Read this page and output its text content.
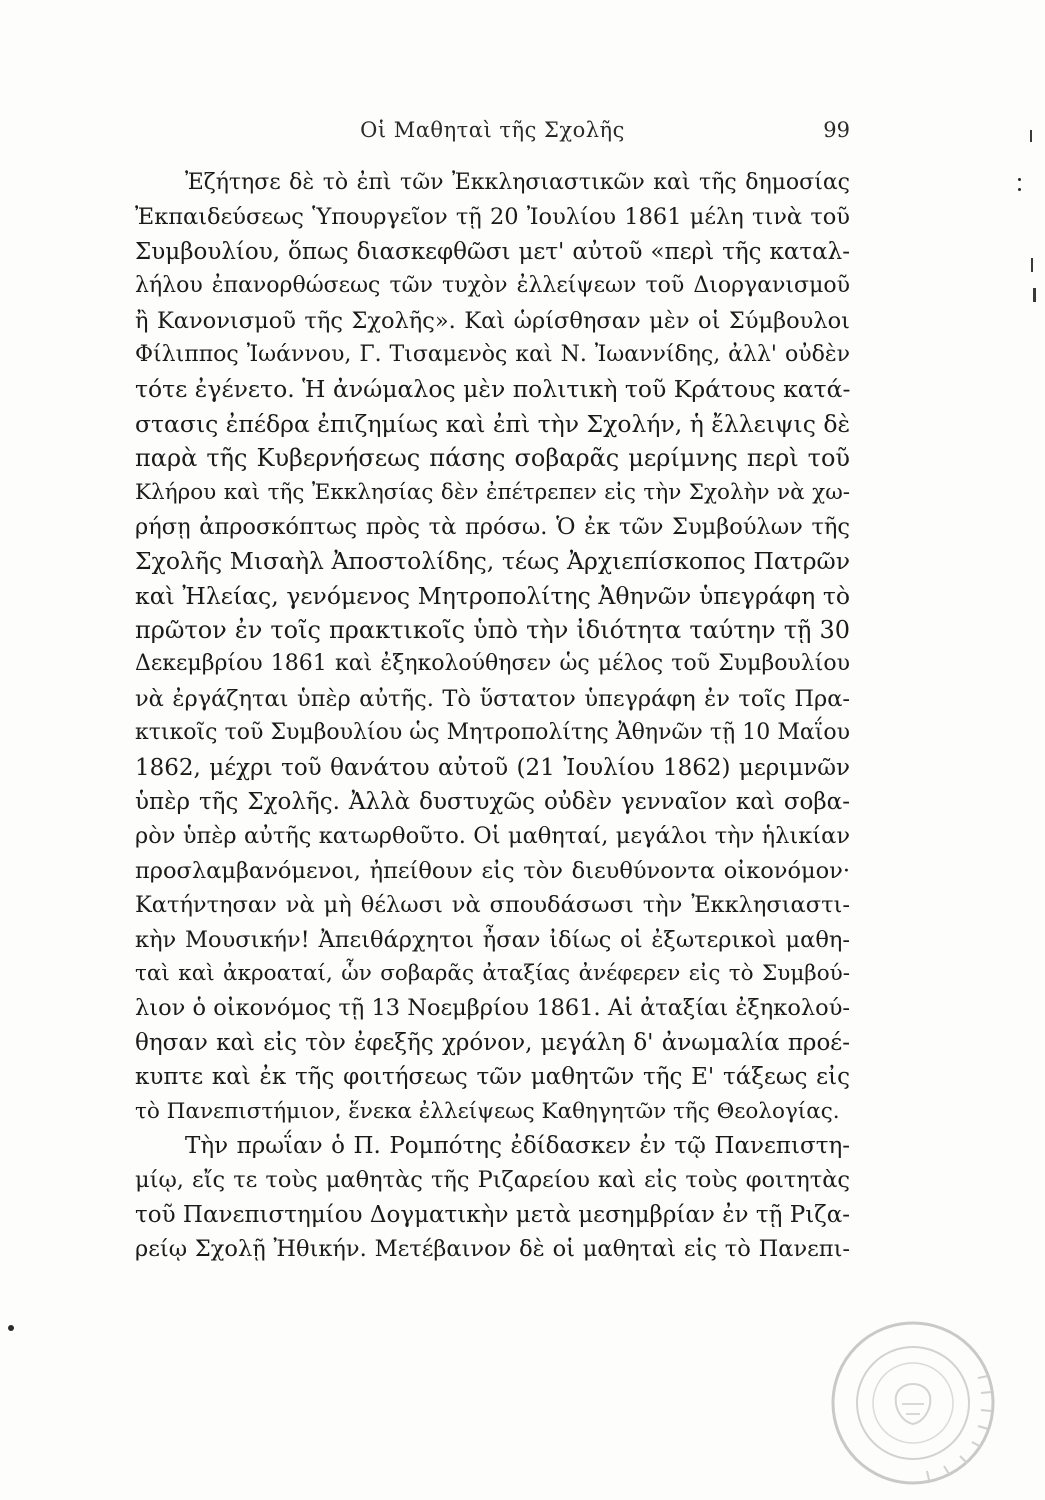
Οἱ Μαθηταὶ τῆς Σχολῆς	99
Ἐζήτησε δὲ τὸ ἐπὶ τῶν Ἐκκλησιαστικῶν καὶ τῆς δημοσίας
Ἐκπαιδεύσεως Ὑπουργεῖον τῇ 20 Ἰουλίου 1861 μέλη τινὰ τοῦ
Συμβουλίου, ὅπως διασκεφθῶσι μετ' αὐτοῦ «περὶ τῆς καταλ-
λήλου ἐπανορθώσεως τῶν τυχὸν ἐλλείψεων τοῦ Διοργανισμοῦ
ἢ Κανονισμοῦ τῆς Σχολῆς». Καὶ ὡρίσθησαν μὲν οἱ Σύμβουλοι
Φίλιππος Ἰωάννου, Γ. Τισαμενὸς καὶ Ν. Ἰωαννίδης, ἀλλ' οὐδὲν
τότε ἐγένετο. Ἡ ἀνώμαλος μὲν πολιτικὴ τοῦ Κράτους κατά-
στασις ἐπέδρα ἐπιζημίως καὶ ἐπὶ τὴν Σχολήν, ἡ ἔλλειψις δὲ
παρὰ τῆς Κυβερνήσεως πάσης σοβαρᾶς μερίμνης περὶ τοῦ
Κλήρου καὶ τῆς Ἐκκλησίας δὲν ἐπέτρεπεν εἰς τὴν Σχολὴν νὰ χω-
ρήσῃ ἀπροσκόπτως πρὸς τὰ πρόσω. Ὁ ἐκ τῶν Συμβούλων τῆς
Σχολῆς Μισαὴλ Ἀποστολίδης, τέως Ἀρχιεπίσκοπος Πατρῶν
καὶ Ἠλείας, γενόμενος Μητροπολίτης Ἀθηνῶν ὑπεγράφη τὸ
πρῶτον ἐν τοῖς πρακτικοῖς ὑπὸ τὴν ἰδιότητα ταύτην τῇ 30
Δεκεμβρίου 1861 καὶ ἐξηκολούθησεν ὡς μέλος τοῦ Συμβουλίου
νὰ ἐργάζηται ὑπὲρ αὐτῆς. Τὸ ὕστατον ὑπεγράφη ἐν τοῖς Πρα-
κτικοῖς τοῦ Συμβουλίου ὡς Μητροπολίτης Ἀθηνῶν τῇ 10 Μαΐου
1862, μέχρι τοῦ θανάτου αὐτοῦ (21 Ἰουλίου 1862) μεριμνῶν
ὑπὲρ τῆς Σχολῆς. Ἀλλὰ δυστυχῶς οὐδὲν γενναῖον καὶ σοβα-
ρὸν ὑπὲρ αὐτῆς κατωρθοῦτο. Οἱ μαθηταί, μεγάλοι τὴν ἡλικίαν
προσλαμβανόμενοι, ἠπείθουν εἰς τὸν διευθύνοντα οἰκονόμον·
Κατήντησαν νὰ μὴ θέλωσι νὰ σπουδάσωσι τὴν Ἐκκλησιαστι-
κὴν Μουσικήν! Ἀπειθάρχητοι ἦσαν ἰδίως οἱ ἐξωτερικοὶ μαθη-
ταὶ καὶ ἀκροαταί, ὧν σοβαρᾶς ἀταξίας ἀνέφερεν εἰς τὸ Συμβού-
λιον ὁ οἰκονόμος τῇ 13 Νοεμβρίου 1861. Αἱ ἀταξίαι ἐξηκολού-
θησαν καὶ εἰς τὸν ἐφεξῆς χρόνον, μεγάλη δ' ἀνωμαλία προέ-
κυπτε καὶ ἐκ τῆς φοιτήσεως τῶν μαθητῶν τῆς Ε' τάξεως εἰς
τὸ Πανεπιστήμιον, ἕνεκα ἐλλείψεως Καθηγητῶν τῆς Θεολογίας.
Τὴν πρωΐαν ὁ Π. Ρομπότης ἐδίδασκεν ἐν τῷ Πανεπιστη-
μίῳ, εἴς τε τοὺς μαθητὰς τῆς Ριζαρείου καὶ εἰς τοὺς φοιτητὰς
τοῦ Πανεπιστημίου Δογματικὴν μετὰ μεσημβρίαν ἐν τῇ Ριζα-
ρείῳ Σχολῇ Ἠθικήν. Μετέβαινον δὲ οἱ μαθηταὶ εἰς τὸ Πανεπι-
